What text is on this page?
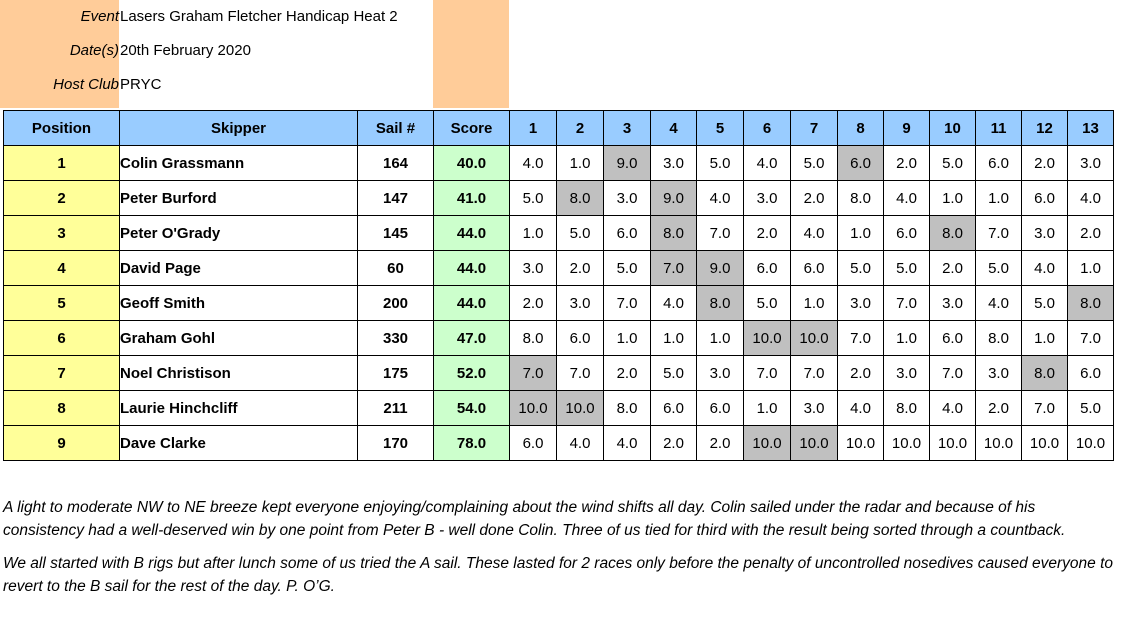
Event Lasers Graham Fletcher Handicap Heat 2
Date(s) 20th February 2020
Host Club PRYC
Position	Skipper	Sail #	Score	1	2	3	4	5	6	7	8	9	10	11	12	13
1	Colin Grassmann	164	40.0	4.0	1.0	9.0	3.0	5.0	4.0	5.0	6.0	2.0	5.0	6.0	2.0	3.0
2	Peter Burford	147	41.0	5.0	8.0	3.0	9.0	4.0	3.0	2.0	8.0	4.0	1.0	1.0	6.0	4.0
3	Peter O'Grady	145	44.0	1.0	5.0	6.0	8.0	7.0	2.0	4.0	1.0	6.0	8.0	7.0	3.0	2.0
4	David Page	60	44.0	3.0	2.0	5.0	7.0	9.0	6.0	6.0	5.0	5.0	2.0	5.0	4.0	1.0
5	Geoff Smith	200	44.0	2.0	3.0	7.0	4.0	8.0	5.0	1.0	3.0	7.0	3.0	4.0	5.0	8.0
6	Graham Gohl	330	47.0	8.0	6.0	1.0	1.0	1.0	10.0	10.0	7.0	1.0	6.0	8.0	1.0	7.0
7	Noel Christison	175	52.0	7.0	7.0	2.0	5.0	3.0	7.0	7.0	2.0	3.0	7.0	3.0	8.0	6.0
8	Laurie Hinchcliff	211	54.0	10.0	10.0	8.0	6.0	6.0	1.0	3.0	4.0	8.0	4.0	2.0	7.0	5.0
9	Dave Clarke	170	78.0	6.0	4.0	4.0	2.0	2.0	10.0	10.0	10.0	10.0	10.0	10.0	10.0	10.0

A light to moderate NW to NE breeze kept everyone enjoying/complaining about the wind shifts all day. Colin sailed under the radar and because of his consistency had a well-deserved win by one point from Peter B - well done Colin. Three of us tied for third with the result being sorted through a countback.

We all started with B rigs but after lunch some of us tried the A sail. These lasted for 2 races only before the penalty of uncontrolled nosedives caused everyone to revert to the B sail for the rest of the day. P. O’G.
